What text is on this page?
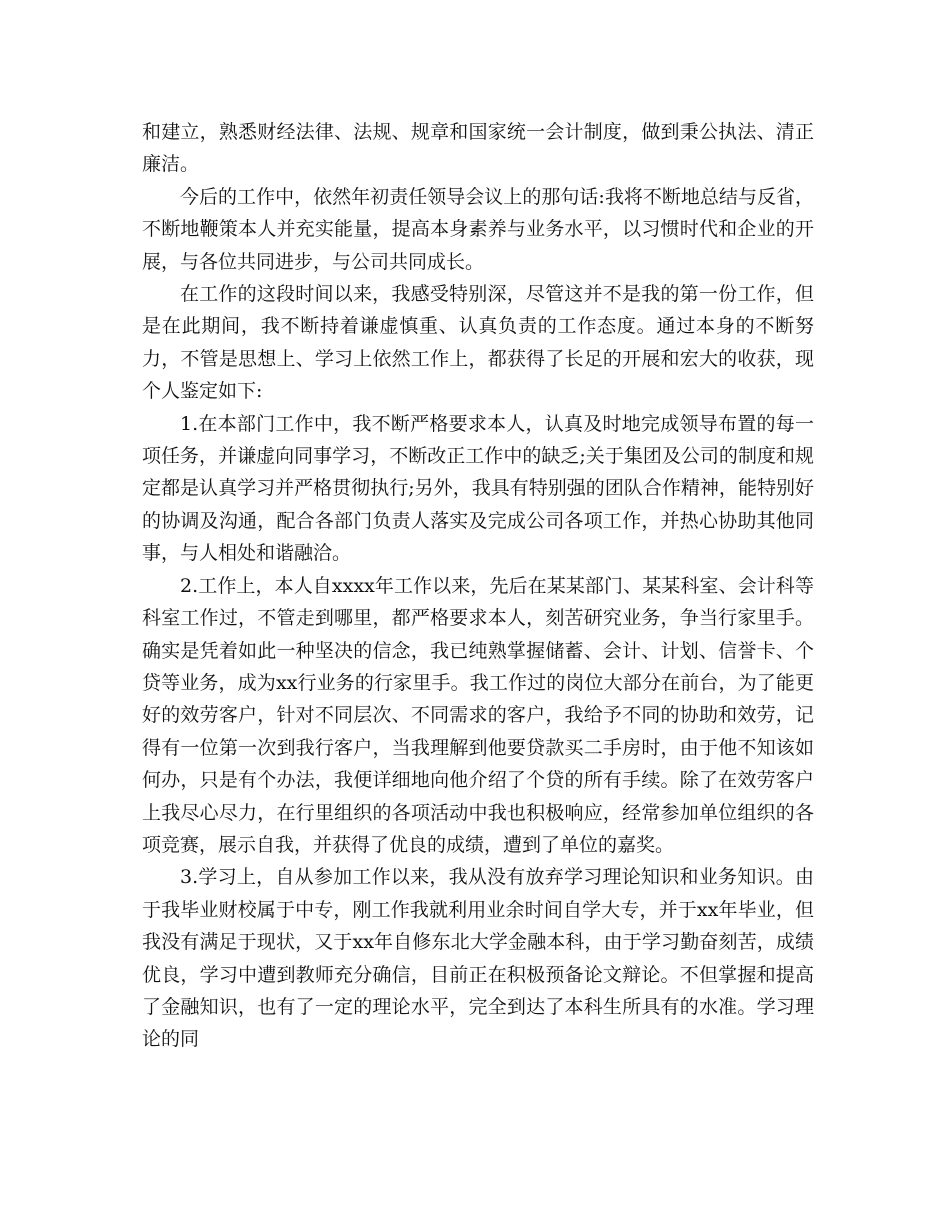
和建立，熟悉财经法律、法规、规章和国家统一会计制度，做到秉公执法、清正廉洁。

今后的工作中，依然年初责任领导会议上的那句话:我将不断地总结与反省，不断地鞭策本人并充实能量，提高本身素养与业务水平，以习惯时代和企业的开展，与各位共同进步，与公司共同成长。

在工作的这段时间以来，我感受特别深，尽管这并不是我的第一份工作，但是在此期间，我不断持着谦虚慎重、认真负责的工作态度。通过本身的不断努力，不管是思想上、学习上依然工作上，都获得了长足的开展和宏大的收获，现个人鉴定如下:

1.在本部门工作中，我不断严格要求本人，认真及时地完成领导布置的每一项任务，并谦虚向同事学习，不断改正工作中的缺乏;关于集团及公司的制度和规定都是认真学习并严格贯彻执行;另外，我具有特别强的团队合作精神，能特别好的协调及沟通，配合各部门负责人落实及完成公司各项工作，并热心协助其他同事，与人相处和谐融洽。

2.工作上，本人自xxxx年工作以来，先后在某某部门、某某科室、会计科等科室工作过，不管走到哪里，都严格要求本人，刻苦研究业务，争当行家里手。确实是凭着如此一种坚决的信念，我已纯熟掌握储蓄、会计、计划、信誉卡、个贷等业务，成为xx行业务的行家里手。我工作过的岗位大部分在前台，为了能更好的效劳客户，针对不同层次、不同需求的客户，我给予不同的协助和效劳，记得有一位第一次到我行客户，当我理解到他要贷款买二手房时，由于他不知该如何办，只是有个办法，我便详细地向他介绍了个贷的所有手续。除了在效劳客户上我尽心尽力，在行里组织的各项活动中我也积极响应，经常参加单位组织的各项竞赛，展示自我，并获得了优良的成绩，遭到了单位的嘉奖。

3.学习上，自从参加工作以来，我从没有放弃学习理论知识和业务知识。由于我毕业财校属于中专，刚工作我就利用业余时间自学大专，并于xx年毕业，但我没有满足于现状，又于xx年自修东北大学金融本科，由于学习勤奋刻苦，成绩优良，学习中遭到教师充分确信，目前正在积极预备论文辩论。不但掌握和提高了金融知识，也有了一定的理论水平，完全到达了本科生所具有的水准。学习理论的同
